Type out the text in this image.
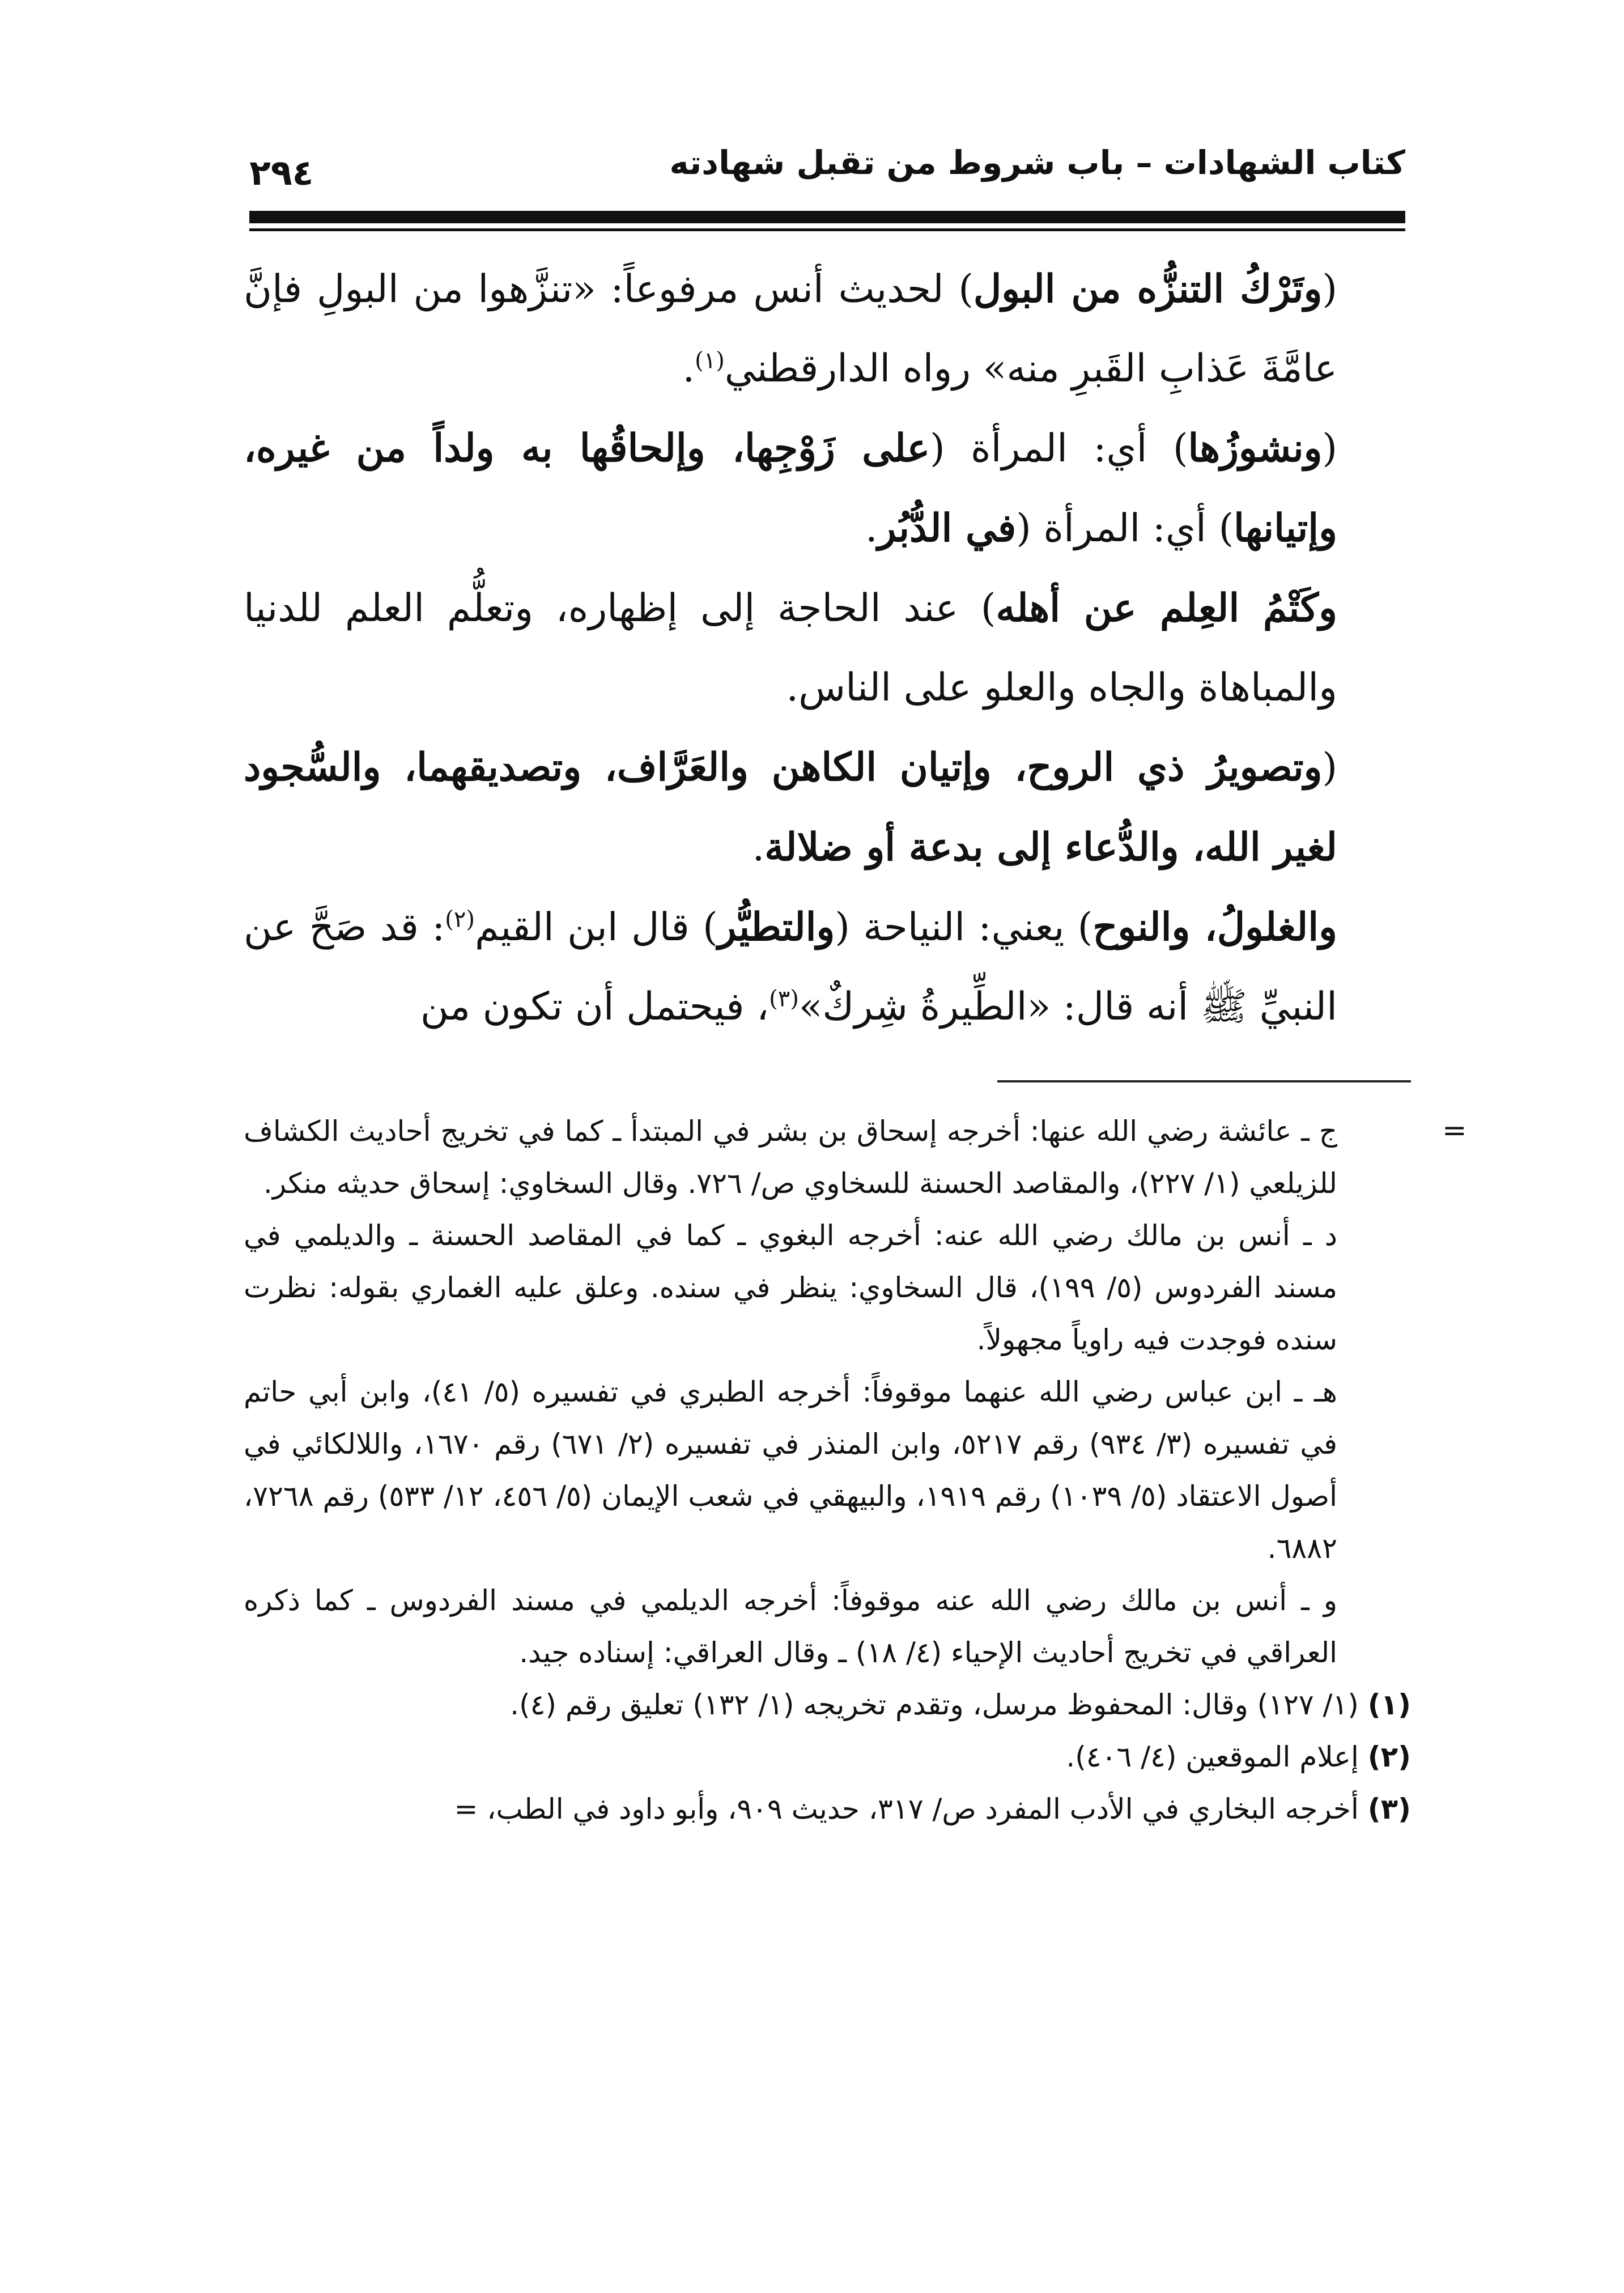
كتاب الشهادات – باب شروط من تقبل شهادته
٢٩٤

(وتَرْكُ التنزُّه من البول) لحديث أنس مرفوعاً: «تنزَّهوا من البولِ فإنَّ عامَّةَ عَذابِ القَبرِ منه» رواه الدارقطني$^{(١)}$.

(ونشوزُها) أي: المرأة (على زَوْجِها، وإلحاقُها به ولداً من غيره، وإتيانها) أي: المرأة (في الدُّبُر.

وكَتْمُ العِلم عن أهله) عند الحاجة إلى إظهاره، وتعلُّم العلم للدنيا والمباهاة والجاه والعلو على الناس.

(وتصويرُ ذي الروح، وإتيان الكاهن والعَرَّاف، وتصديقهما، والسُّجود لغير الله، والدُّعاء إلى بدعة أو ضلالة.

والغلولُ، والنوح) يعني: النياحة (والتطيُّر) قال ابن القيم$^{(٢)}$: قد صَحَّ عن النبيِّ ﷺ أنه قال: «الطِّيرةُ شِركٌ»$^{(٣)}$، فيحتمل أن تكون من

=

ج ـ عائشة رضي الله عنها: أخرجه إسحاق بن بشر في المبتدأ ـ كما في تخريج أحاديث الكشاف للزيلعي (١/ ٢٢٧)، والمقاصد الحسنة للسخاوي ص/ ٧٢٦. وقال السخاوي: إسحاق حديثه منكر.

د ـ أنس بن مالك رضي الله عنه: أخرجه البغوي ـ كما في المقاصد الحسنة ـ والديلمي في مسند الفردوس (٥/ ١٩٩)، قال السخاوي: ينظر في سنده. وعلق عليه الغماري بقوله: نظرت سنده فوجدت فيه راوياً مجهولاً.

هـ ـ ابن عباس رضي الله عنهما موقوفاً: أخرجه الطبري في تفسيره (٥/ ٤١)، وابن أبي حاتم في تفسيره (٣/ ٩٣٤) رقم ٥٢١٧، وابن المنذر في تفسيره (٢/ ٦٧١) رقم ١٦٧٠، واللالكائي في أصول الاعتقاد (٥/ ١٠٣٩) رقم ١٩١٩، والبيهقي في شعب الإيمان (٥/ ٤٥٦، ١٢/ ٥٣٣) رقم ٧٢٦٨، ٦٨٨٢.

و ـ أنس بن مالك رضي الله عنه موقوفاً: أخرجه الديلمي في مسند الفردوس ـ كما ذكره العراقي في تخريج أحاديث الإحياء (٤/ ١٨) ـ وقال العراقي: إسناده جيد.

(١) (١/ ١٢٧) وقال: المحفوظ مرسل، وتقدم تخريجه (١/ ١٣٢) تعليق رقم (٤).

(٢) إعلام الموقعين (٤/ ٤٠٦).

(٣) أخرجه البخاري في الأدب المفرد ص/ ٣١٧، حديث ٩٠٩، وأبو داود في الطب، =
